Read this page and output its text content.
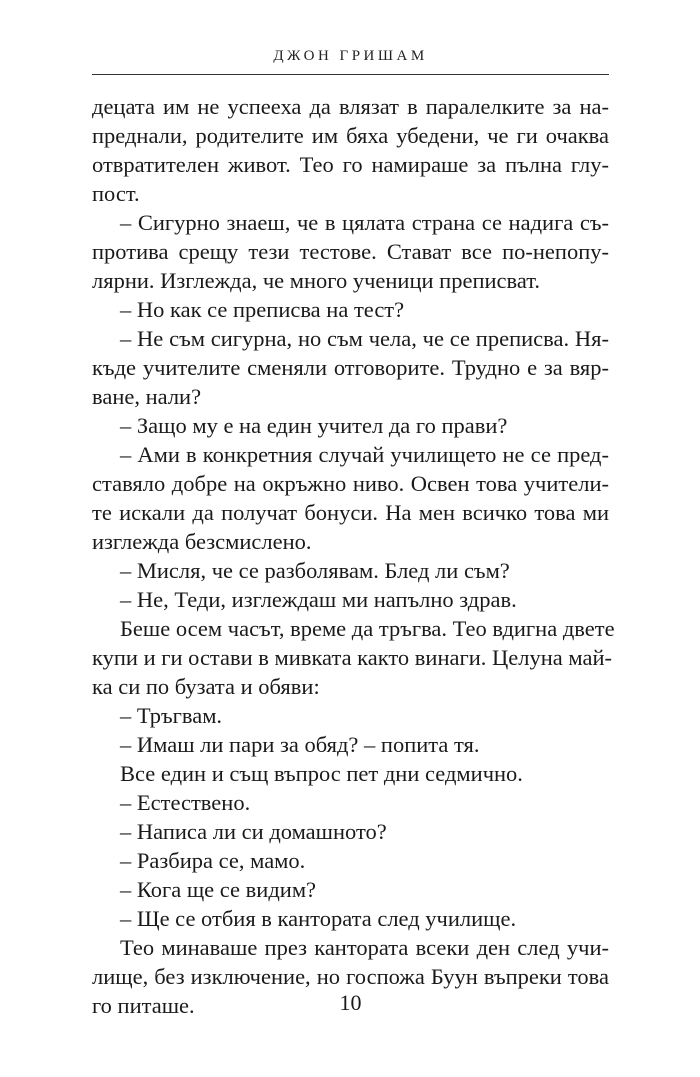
ДЖОН ГРИШАМ
децата им не успееха да влязат в паралелките за на-
преднали, родителите им бяха убедени, че ги очаква
отвратителен живот. Тео го намираше за пълна глу-
пост.
– Сигурно знаеш, че в цялата страна се надига съ-
протива срещу тези тестове. Стават все по-непопу-
лярни. Изглежда, че много ученици преписват.
– Но как се преписва на тест?
– Не съм сигурна, но съм чела, че се преписва. Ня-
къде учителите сменяли отговорите. Трудно е за вяр-
ване, нали?
– Защо му е на един учител да го прави?
– Ами в конкретния случай училището не се пред-
ставяло добре на окръжно ниво. Освен това учители-
те искали да получат бонуси. На мен всичко това ми
изглежда безсмислено.
– Мисля, че се разболявам. Блед ли съм?
– Не, Теди, изглеждаш ми напълно здрав.
Беше осем часът, време да тръгва. Тео вдигна двете
купи и ги остави в мивката както винаги. Целуна май-
ка си по бузата и обяви:
– Тръгвам.
– Имаш ли пари за обяд? – попита тя.
Все един и същ въпрос пет дни седмично.
– Естествено.
– Написа ли си домашното?
– Разбира се, мамо.
– Кога ще се видим?
– Ще се отбия в кантората след училище.
Тео минаваше през кантората всеки ден след учи-
лище, без изключение, но госпожа Буун въпреки това
го питаше.	10
